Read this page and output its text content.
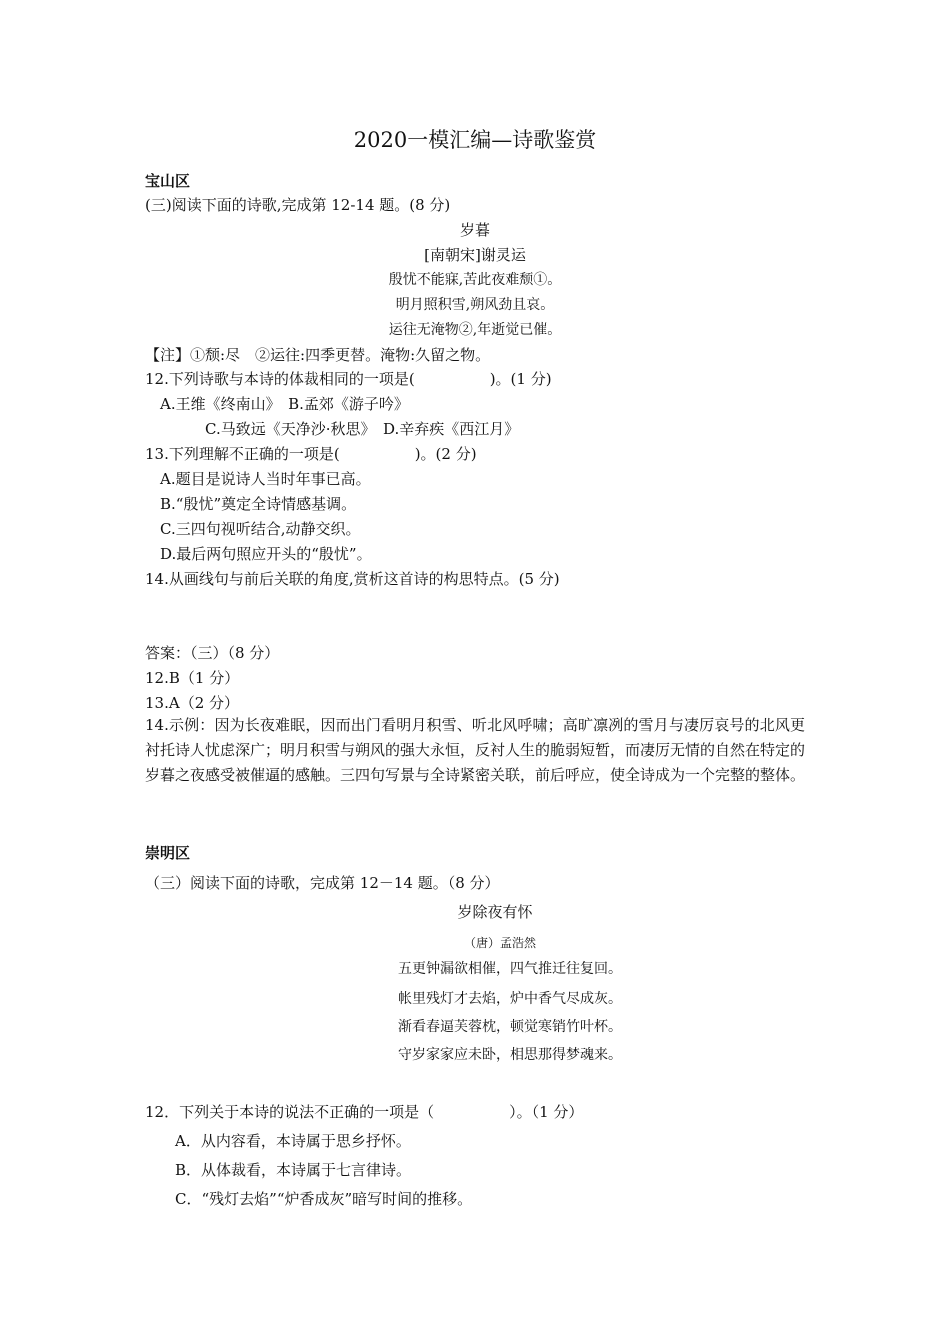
2020一模汇编—诗歌鉴赏
宝山区
(三)阅读下面的诗歌,完成第 12-14 题。(8 分)
岁暮
[南朝宋]谢灵运
殷忧不能寐,苦此夜难颓①。
明月照积雪,朔风劲且哀。
运往无淹物②,年逝觉已催。
【注】①颓:尽　②运往:四季更替。淹物:久留之物。
12.下列诗歌与本诗的体裁相同的一项是(　　　　　)。(1 分)
A.王维《终南山》　B.孟郊《游子吟》
C.马致远《天净沙·秋思》　D.辛弃疾《西江月》
13.下列理解不正确的一项是(　　　　　)。(2 分)
A.题目是说诗人当时年事已高。
B.“殷忧”奠定全诗情感基调。
C.三四句视听结合,动静交织。
D.最后两句照应开头的“殷忧”。
14.从画线句与前后关联的角度,赏析这首诗的构思特点。(5 分)
答案：（三）（8 分）
12.B（1 分）
13.A（2 分）
14.示例：因为长夜难眠，因而出门看明月积雪、听北风呼啸；高旷凛冽的雪月与凄厉哀号的北风更衬托诗人忧虑深广；明月积雪与朔风的强大永恒，反衬人生的脆弱短暂，而凄厉无情的自然在特定的岁暮之夜感受被催逼的感触。三四句写景与全诗紧密关联，前后呼应，使全诗成为一个完整的整体。
崇明区
（三）阅读下面的诗歌，完成第 12－14 题。（8 分）
岁除夜有怀
（唐）孟浩然
五更钟漏欲相催，四气推迁往复回。
帐里残灯才去焰，炉中香气尽成灰。
渐看春逼芙蓉枕，顿觉寒销竹叶杯。
守岁家家应未卧，相思那得梦魂来。
12．下列关于本诗的说法不正确的一项是（　　　　　）。（1 分）
A．从内容看，本诗属于思乡抒怀。
B．从体裁看，本诗属于七言律诗。
C．“残灯去焰”“炉香成灰”暗写时间的推移。
